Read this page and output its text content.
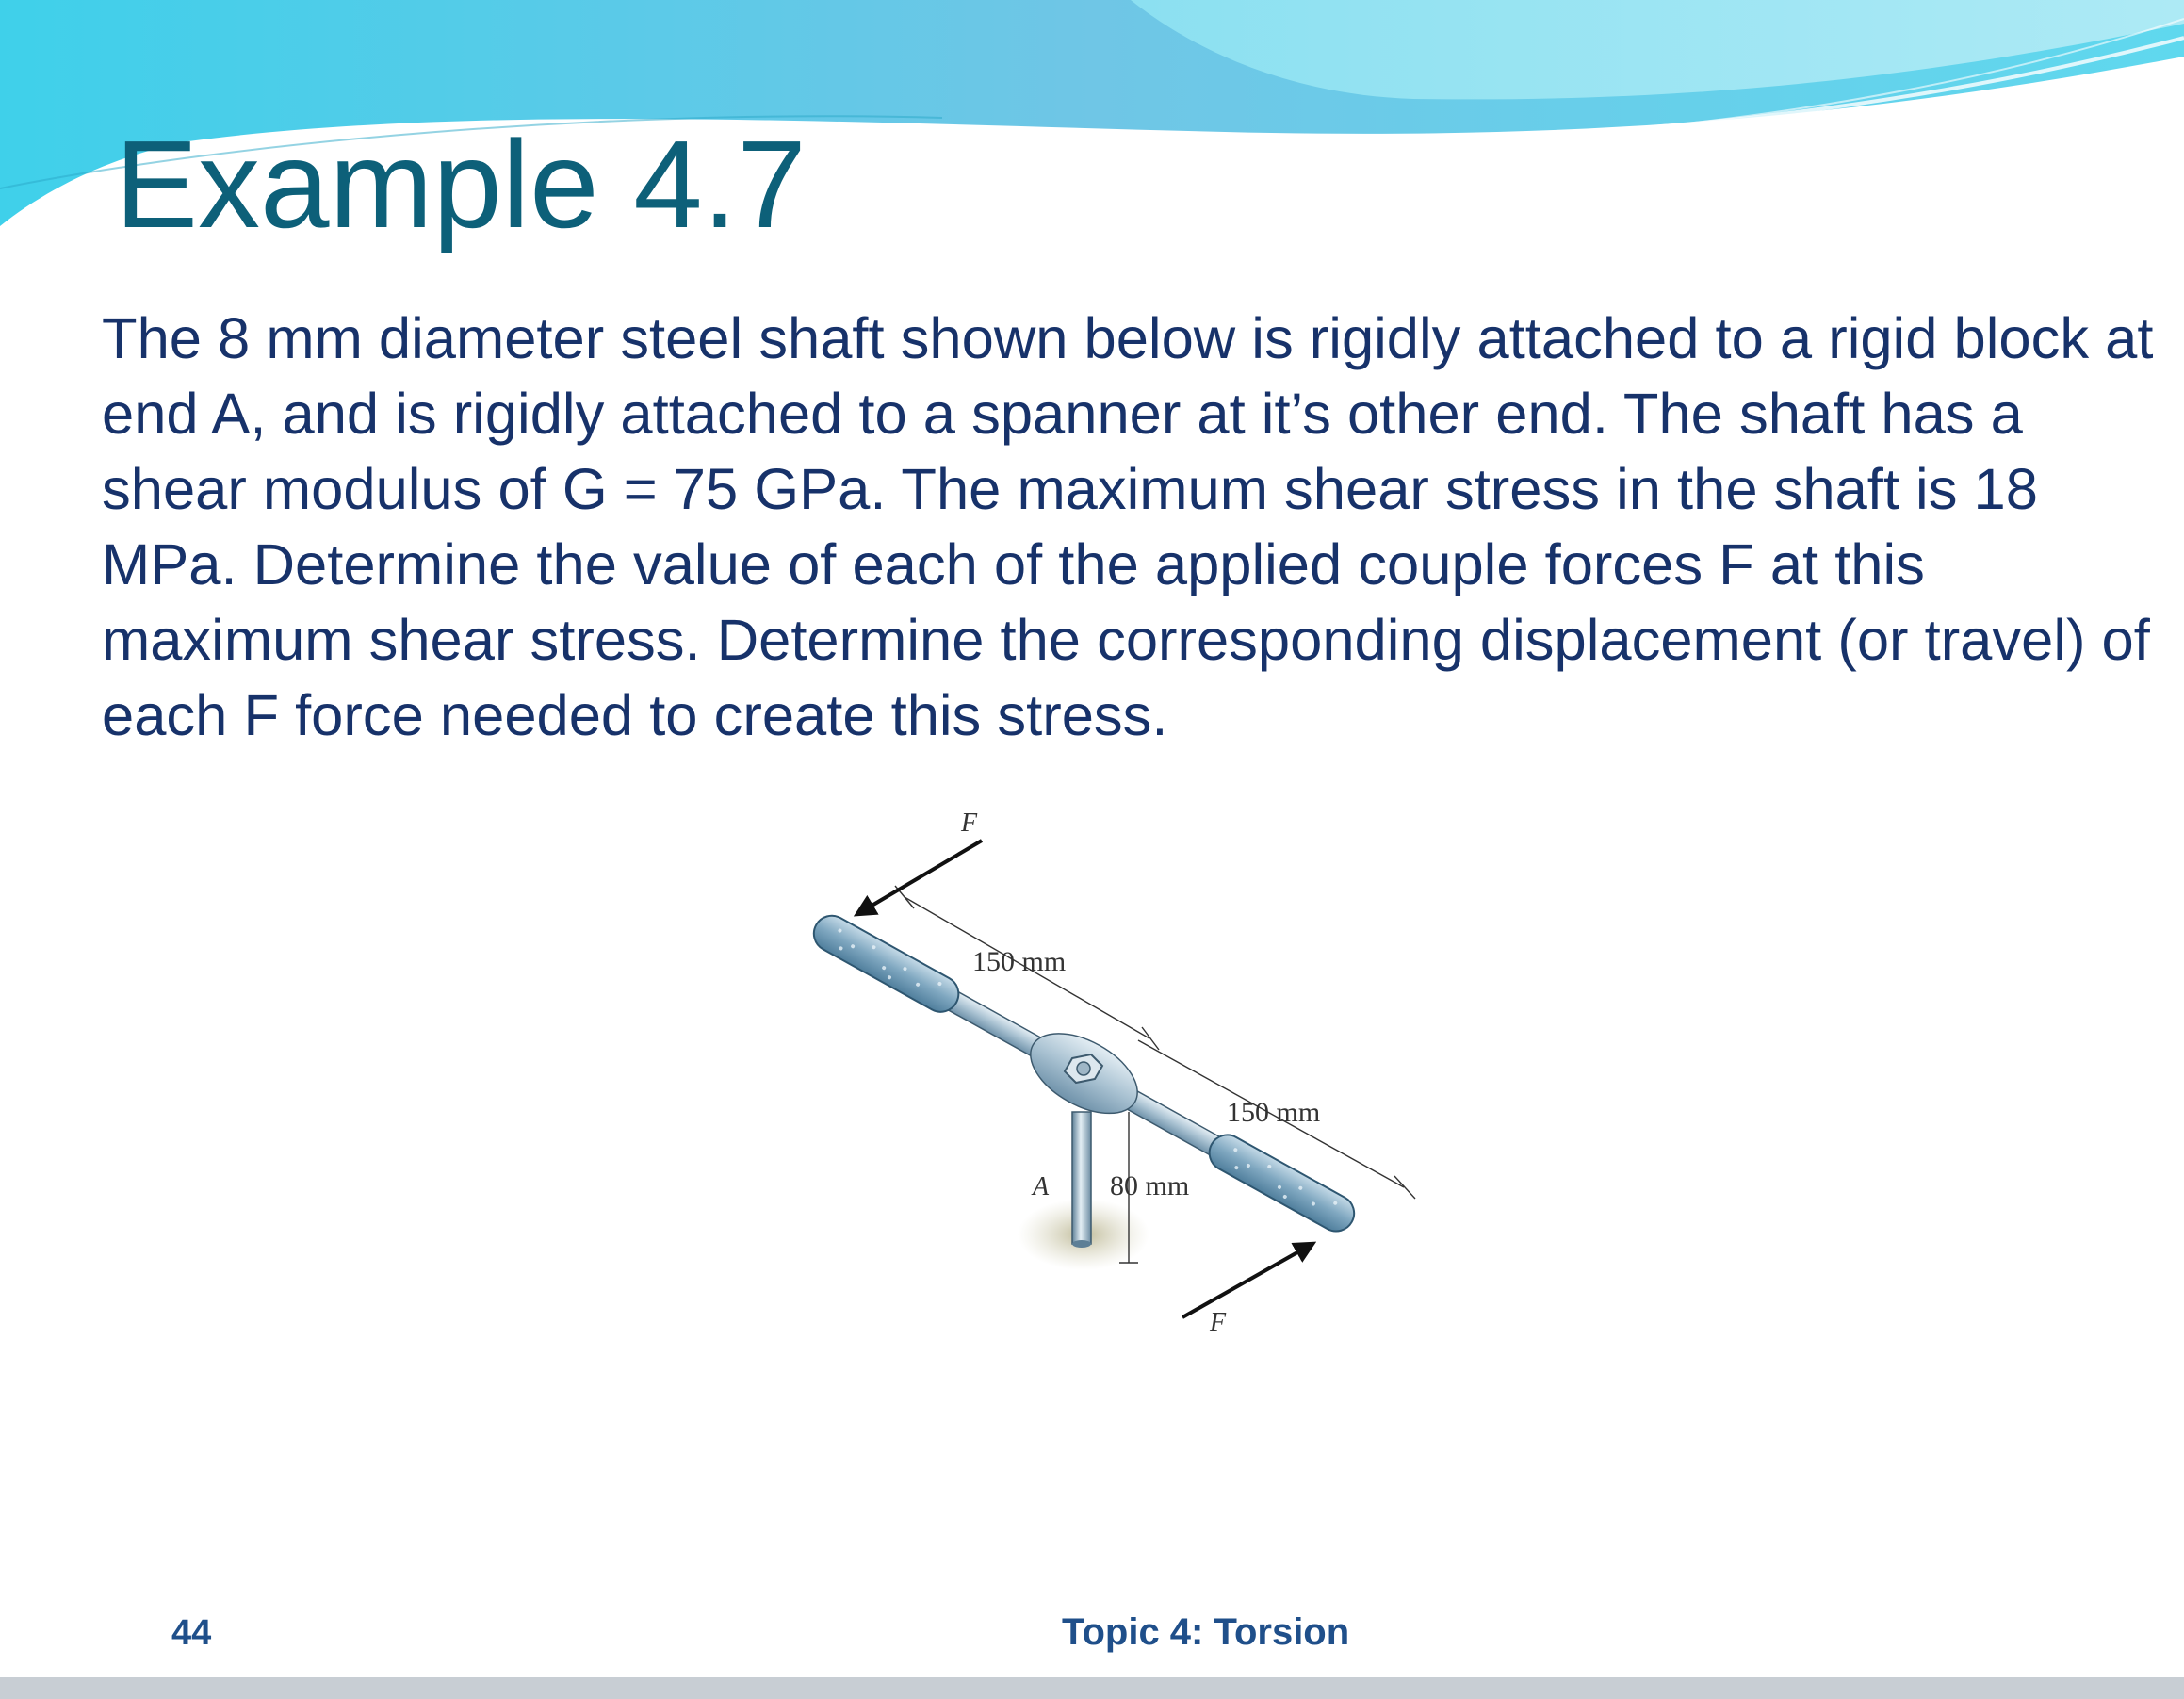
Example 4.7

The 8 mm diameter steel shaft shown below is rigidly attached to a rigid block at end A, and is rigidly attached to a spanner at it’s other end. The shaft has a shear modulus of G = 75 GPa. The maximum shear stress in the shaft is 18 MPa. Determine the value of each of the applied couple forces F at this maximum shear stress. Determine the corresponding displacement (or travel) of each F force needed to create this stress.

F
150 mm
150 mm
A 80 mm
F
44	Topic 4: Torsion
